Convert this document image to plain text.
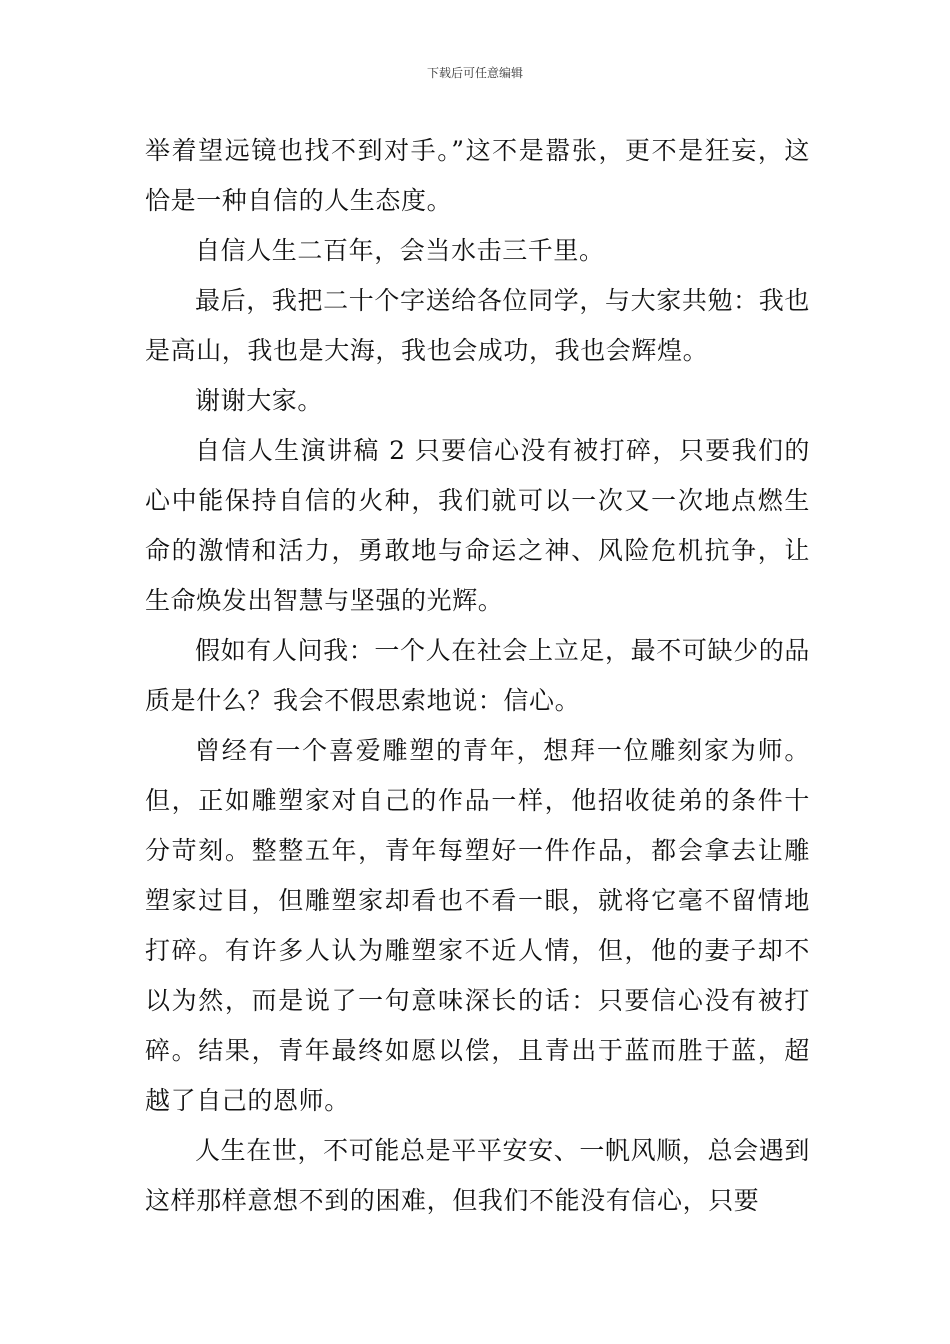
下载后可任意编辑

举着望远镜也找不到对手。”这不是嚣张，更不是狂妄，这恰是一种自信的人生态度。

自信人生二百年，会当水击三千里。

最后，我把二十个字送给各位同学，与大家共勉：我也是高山，我也是大海，我也会成功，我也会辉煌。

谢谢大家。

自信人生演讲稿 2 只要信心没有被打碎，只要我们的心中能保持自信的火种，我们就可以一次又一次地点燃生命的激情和活力，勇敢地与命运之神、风险危机抗争，让生命焕发出智慧与坚强的光辉。

假如有人问我：一个人在社会上立足，最不可缺少的品质是什么？我会不假思索地说：信心。

曾经有一个喜爱雕塑的青年，想拜一位雕刻家为师。但，正如雕塑家对自己的作品一样，他招收徒弟的条件十分苛刻。整整五年，青年每塑好一件作品，都会拿去让雕塑家过目，但雕塑家却看也不看一眼，就将它毫不留情地打碎。有许多人认为雕塑家不近人情，但，他的妻子却不以为然，而是说了一句意味深长的话：只要信心没有被打碎。结果，青年最终如愿以偿，且青出于蓝而胜于蓝，超越了自己的恩师。

人生在世，不可能总是平平安安、一帆风顺，总会遇到这样那样意想不到的困难，但我们不能没有信心，只要
